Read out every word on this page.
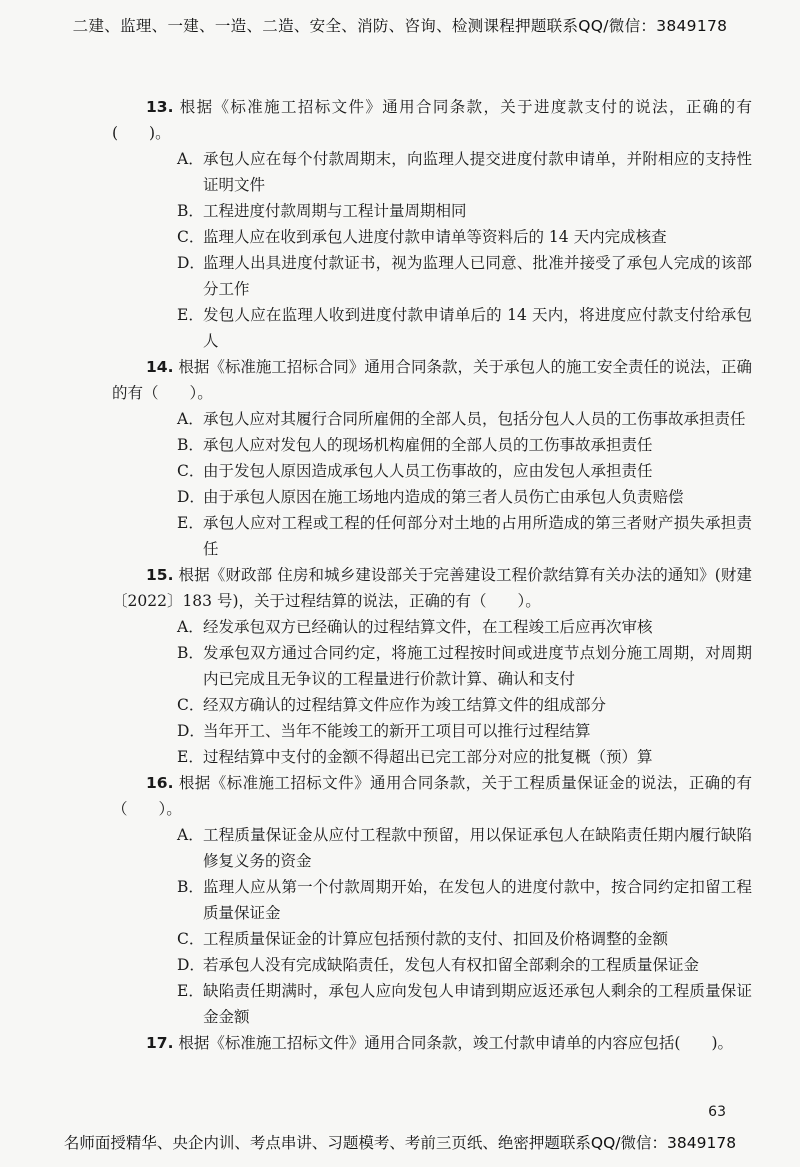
二建、监理、一建、一造、二造、安全、消防、咨询、检测课程押题联系QQ/微信：3849178

13. 根据《标准施工招标文件》通用合同条款，关于进度款支付的说法，正确的有(　　)。

A． 承包人应在每个付款周期末，向监理人提交进度付款申请单，并附相应的支持性证明文件
B． 工程进度付款周期与工程计量周期相同
C．
监理人应在收到承包人进度付款申请单等资料后的 14 天内完成核查
D．
监理人出具进度付款证书，视为监理人已同意、批准并接受了承包人完成的该部分工作
E． 发包人应在监理人收到进度付款申请单后的 14 天内，将进度应付款支付给承包人

14. 根据《标准施工招标合同》通用合同条款，关于承包人的施工安全责任的说法，正确的有（　　）。

A． 承包人应对其履行合同所雇佣的全部人员，包括分包人人员的工伤事故承担责任
B． 承包人应对发包人的现场机构雇佣的全部人员的工伤事故承担责任
C．
由于发包人原因造成承包人人员工伤事故的，应由发包人承担责任
D．
由于承包人原因在施工场地内造成的第三者人员伤亡由承包人负责赔偿
E． 承包人应对工程或工程的任何部分对土地的占用所造成的第三者财产损失承担责任

15. 根据《财政部 住房和城乡建设部关于完善建设工程价款结算有关办法的通知》(财建〔2022〕183 号)，关于过程结算的说法，正确的有（　　）。

A． 经发承包双方已经确认的过程结算文件，在工程竣工后应再次审核
B． 发承包双方通过合同约定，将施工过程按时间或进度节点划分施工周期，对周期内已完成且无争议的工程量进行价款计算、确认和支付
C．
经双方确认的过程结算文件应作为竣工结算文件的组成部分
D．
当年开工、当年不能竣工的新开工项目可以推行过程结算
E． 过程结算中支付的金额不得超出已完工部分对应的批复概（预）算

16. 根据《标准施工招标文件》通用合同条款，关于工程质量保证金的说法，正确的有（　　）。

A． 工程质量保证金从应付工程款中预留，用以保证承包人在缺陷责任期内履行缺陷修复义务的资金
B． 监理人应从第一个付款周期开始，在发包人的进度付款中，按合同约定扣留工程质量保证金
C．
工程质量保证金的计算应包括预付款的支付、扣回及价格调整的金额
D．
若承包人没有完成缺陷责任，发包人有权扣留全部剩余的工程质量保证金
E． 缺陷责任期满时，承包人应向发包人申请到期应返还承包人剩余的工程质量保证金金额

17. 根据《标准施工招标文件》通用合同条款，竣工付款申请单的内容应包括(　　)。

63
名师面授精华、央企内训、考点串讲、习题模考、考前三页纸、绝密押题联系QQ/微信：3849178
